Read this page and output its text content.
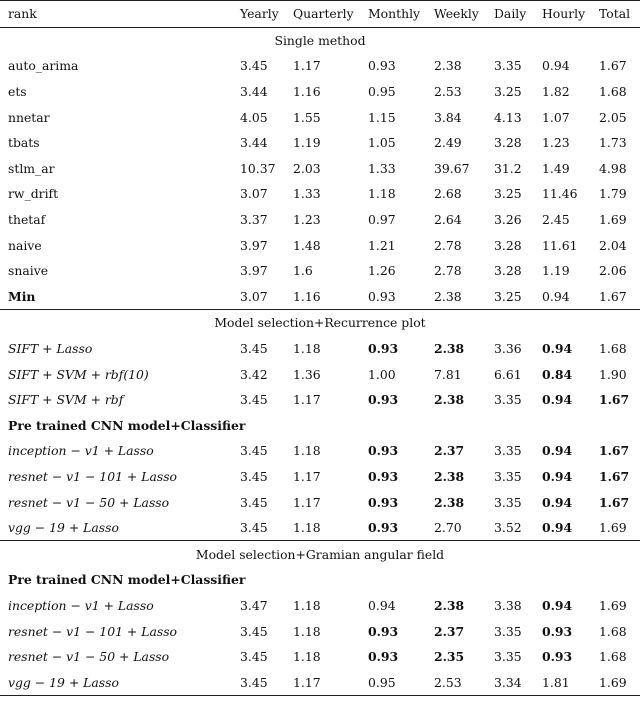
rank	Yearly	Quarterly	Monthly	Weekly	Daily	Hourly	Total
Single method							
auto_arima	3.45	1.17	0.93	2.38	3.35	0.94	1.67
ets	3.44	1.16	0.95	2.53	3.25	1.82	1.68
nnetar	4.05	1.55	1.15	3.84	4.13	1.07	2.05
tbats	3.44	1.19	1.05	2.49	3.28	1.23	1.73
stlm_ar	10.37	2.03	1.33	39.67	31.2	1.49	4.98
rw_drift	3.07	1.33	1.18	2.68	3.25	11.46	1.79
thetaf	3.37	1.23	0.97	2.64	3.26	2.45	1.69
naive	3.97	1.48	1.21	2.78	3.28	11.61	2.04
snaive	3.97	1.6	1.26	2.78	3.28	1.19	2.06
Min	3.07	1.16	0.93	2.38	3.25	0.94	1.67
Model selection+Recurrence plot							
SIFT + Lasso	3.45	1.18	0.93	2.38	3.36	0.94	1.68
SIFT + SVM + rbf(10)	3.42	1.36	1.00	7.81	6.61	0.84	1.90
SIFT + SVM + rbf	3.45	1.17	0.93	2.38	3.35	0.94	1.67
Pre trained CNN model+Classifier							
inception − v1 + Lasso	3.45	1.18	0.93	2.37	3.35	0.94	1.67
resnet − v1 − 101 + Lasso	3.45	1.17	0.93	2.38	3.35	0.94	1.67
resnet − v1 − 50 + Lasso	3.45	1.17	0.93	2.38	3.35	0.94	1.67
vgg − 19 + Lasso	3.45	1.18	0.93	2.70	3.52	0.94	1.69
Model selection+Gramian angular field							
Pre trained CNN model+Classifier							
inception − v1 + Lasso	3.47	1.18	0.94	2.38	3.38	0.94	1.69
resnet − v1 − 101 + Lasso	3.45	1.18	0.93	2.37	3.35	0.93	1.68
resnet − v1 − 50 + Lasso	3.45	1.18	0.93	2.35	3.35	0.93	1.68
vgg − 19 + Lasso	3.45	1.17	0.95	2.53	3.34	1.81	1.69
